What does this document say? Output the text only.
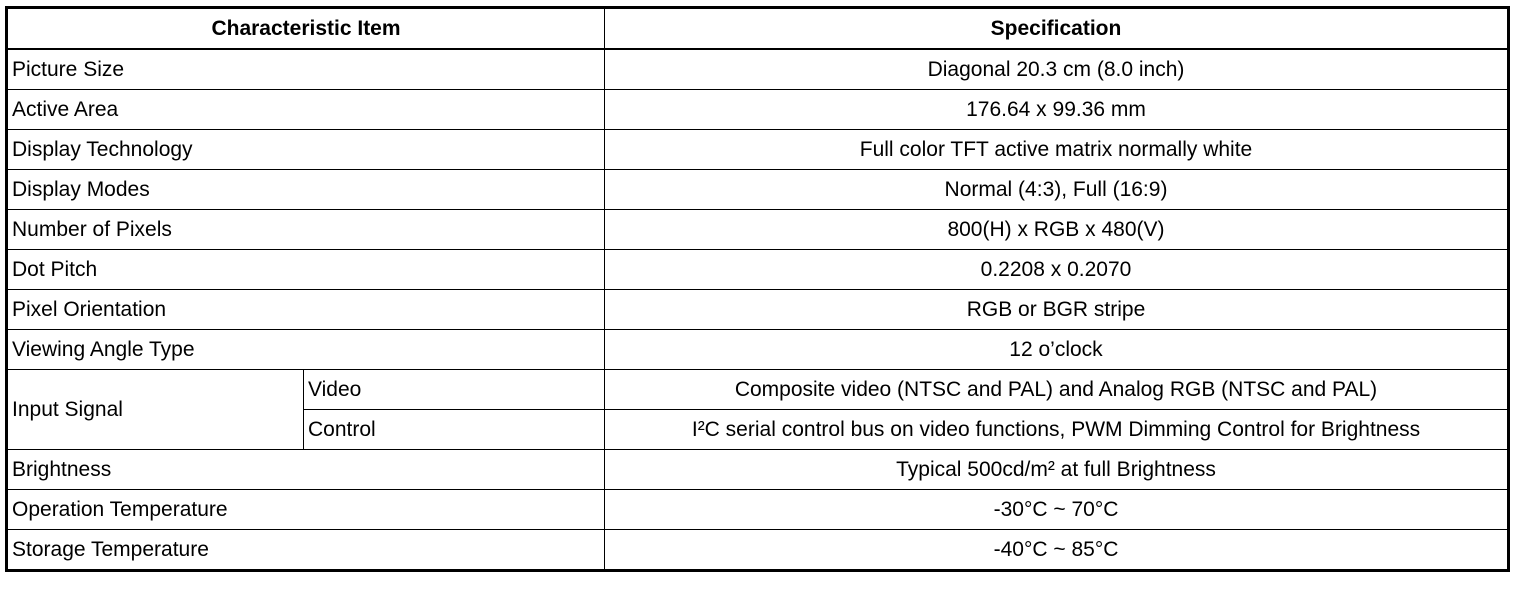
Characteristic Item		Specification
Picture Size		Diagonal 20.3 cm (8.0 inch)
Active Area		176.64 x 99.36 mm
Display Technology		Full color TFT active matrix normally white
Display Modes		Normal (4:3), Full (16:9)
Number of Pixels		800(H) x RGB x 480(V)
Dot Pitch		0.2208 x 0.2070
Pixel Orientation		RGB or BGR stripe
Viewing Angle Type		12 o’clock
Input Signal	Video	Composite video (NTSC and PAL) and Analog RGB (NTSC and PAL)
	Control	I²C serial control bus on video functions, PWM Dimming Control for Brightness
Brightness		Typical 500cd/m² at full Brightness
Operation Temperature		-30°C ~ 70°C
Storage Temperature		-40°C ~ 85°C
